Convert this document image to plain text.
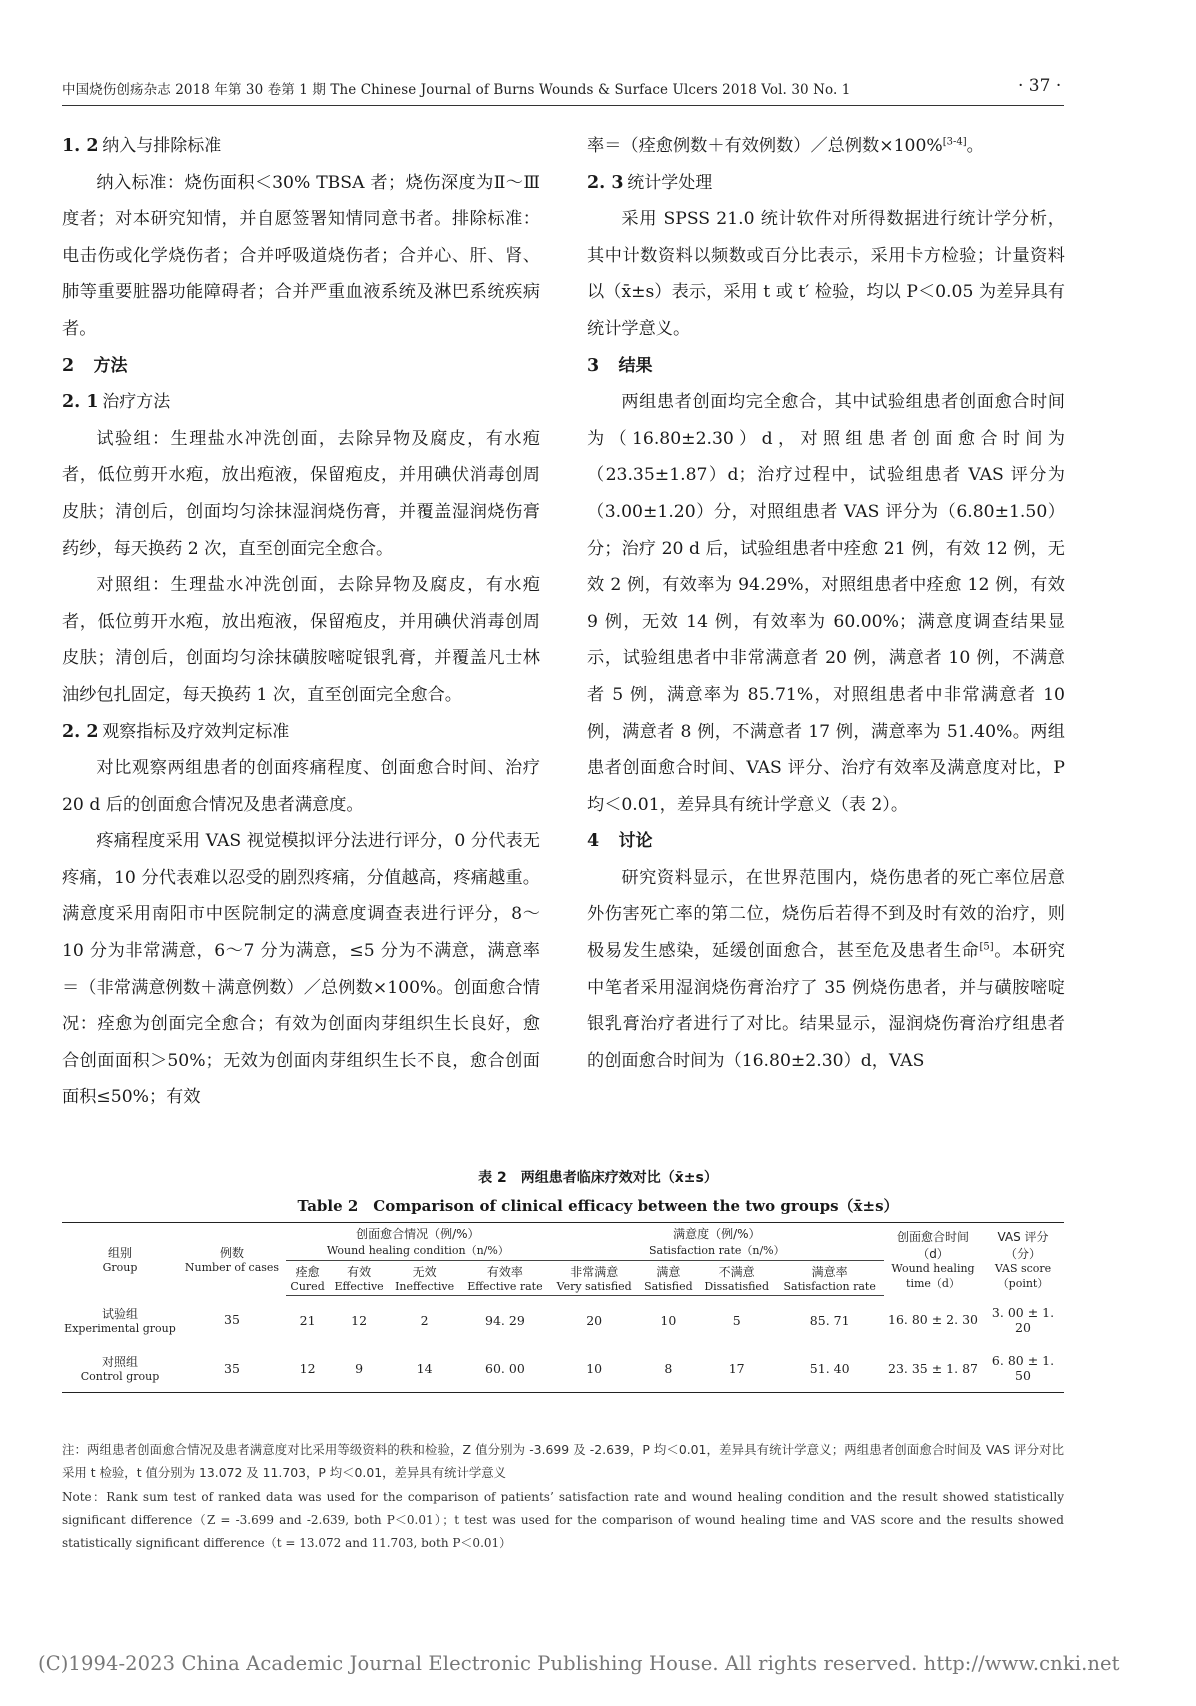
中国烧伤创疡杂志 2018 年第 30 卷第 1 期 The Chinese Journal of Burns Wounds & Surface Ulcers 2018 Vol. 30 No. 1	· 37 ·
1. 2 纳入与排除标准

纳入标准：烧伤面积＜30% TBSA 者；烧伤深度为Ⅱ～Ⅲ度者；对本研究知情，并自愿签署知情同意书者。排除标准：电击伤或化学烧伤者；合并呼吸道烧伤者；合并心、肝、肾、肺等重要脏器功能障碍者；合并严重血液系统及淋巴系统疾病者。

2 方法
2. 1 治疗方法

试验组：生理盐水冲洗创面，去除异物及腐皮，有水疱者，低位剪开水疱，放出疱液，保留疱皮，并用碘伏消毒创周皮肤；清创后，创面均匀涂抹湿润烧伤膏，并覆盖湿润烧伤膏药纱，每天换药 2 次，直至创面完全愈合。

对照组：生理盐水冲洗创面，去除异物及腐皮，有水疱者，低位剪开水疱，放出疱液，保留疱皮，并用碘伏消毒创周皮肤；清创后，创面均匀涂抹磺胺嘧啶银乳膏，并覆盖凡士林油纱包扎固定，每天换药 1 次，直至创面完全愈合。

2. 2 观察指标及疗效判定标准

对比观察两组患者的创面疼痛程度、创面愈合时间、治疗 20 d 后的创面愈合情况及患者满意度。

疼痛程度采用 VAS 视觉模拟评分法进行评分，0 分代表无疼痛，10 分代表难以忍受的剧烈疼痛，分值越高，疼痛越重。满意度采用南阳市中医院制定的满意度调查表进行评分，8～10 分为非常满意，6～7 分为满意，≤5 分为不满意，满意率＝（非常满意例数＋满意例数）／总例数×100%。创面愈合情况：痊愈为创面完全愈合；有效为创面肉芽组织生长良好，愈合创面面积＞50%；无效为创面肉芽组织生长不良，愈合创面面积≤50%；有效

率＝（痊愈例数＋有效例数）／总例数×100%[3-4]。

2. 3 统计学处理

采用 SPSS 21.0 统计软件对所得数据进行统计学分析，其中计数资料以频数或百分比表示，采用卡方检验；计量资料以（x̄±s）表示，采用 t 或 t′ 检验，均以 P＜0.05 为差异具有统计学意义。

3 结果

两组患者创面均完全愈合，其中试验组患者创面愈合时间为（16.80±2.30）d，对照组患者创面愈合时间为（23.35±1.87）d；治疗过程中，试验组患者 VAS 评分为（3.00±1.20）分，对照组患者 VAS 评分为（6.80±1.50）分；治疗 20 d 后，试验组患者中痊愈 21 例，有效 12 例，无效 2 例，有效率为 94.29%，对照组患者中痊愈 12 例，有效 9 例，无效 14 例，有效率为 60.00%；满意度调查结果显示，试验组患者中非常满意者 20 例，满意者 10 例，不满意者 5 例，满意率为 85.71%，对照组患者中非常满意者 10 例，满意者 8 例，不满意者 17 例，满意率为 51.40%。两组患者创面愈合时间、VAS 评分、治疗有效率及满意度对比，P 均＜0.01，差异具有统计学意义（表 2）。

4 讨论

研究资料显示，在世界范围内，烧伤患者的死亡率位居意外伤害死亡率的第二位，烧伤后若得不到及时有效的治疗，则极易发生感染，延缓创面愈合，甚至危及患者生命[5]。本研究中笔者采用湿润烧伤膏治疗了 35 例烧伤患者，并与磺胺嘧啶银乳膏治疗者进行了对比。结果显示，湿润烧伤膏治疗组患者的创面愈合时间为（16.80±2.30）d，VAS

表 2　两组患者临床疗效对比（x̄±s）
Table 2　Comparison of clinical efficacy between the two groups（x̄±s）
组别
Group	例数
Number of cases	创面愈合情况（例/%）
Wound healing condition（n/%）				满意度（例/%）
Satisfaction rate（n/%）				创面愈合时间（d）
Wound healing time（d）	VAS 评分（分）
VAS score（point）

		痊愈
Cured	有效
Effective	无效
Ineffective	有效率
Effective rate	非常满意
Very satisfied	满意
Satisfied	不满意
Dissatisfied	满意率
Satisfaction rate		

试验组
Experimental group	35	21	12	2	94. 29	20	10	5	85. 71	16. 80 ± 2. 30	3. 00 ± 1. 20

对照组
Control group	35	12	9	14	60. 00	10	8	17	51. 40	23. 35 ± 1. 87	6. 80 ± 1. 50
注：两组患者创面愈合情况及患者满意度对比采用等级资料的秩和检验，Z 值分别为 -3.699 及 -2.639，P 均＜0.01，差异具有统计学意义；两组患者创面愈合时间及 VAS 评分对比采用 t 检验，t 值分别为 13.072 及 11.703，P 均＜0.01，差异具有统计学意义
Note：Rank sum test of ranked data was used for the comparison of patients’ satisfaction rate and wound healing condition and the result showed statistically significant difference（Z = -3.699 and -2.639, both P＜0.01）；t test was used for the comparison of wound healing time and VAS score and the results showed statistically significant difference（t = 13.072 and 11.703, both P＜0.01）
(C)1994-2023 China Academic Journal Electronic Publishing House. All rights reserved. http://www.cnki.net
